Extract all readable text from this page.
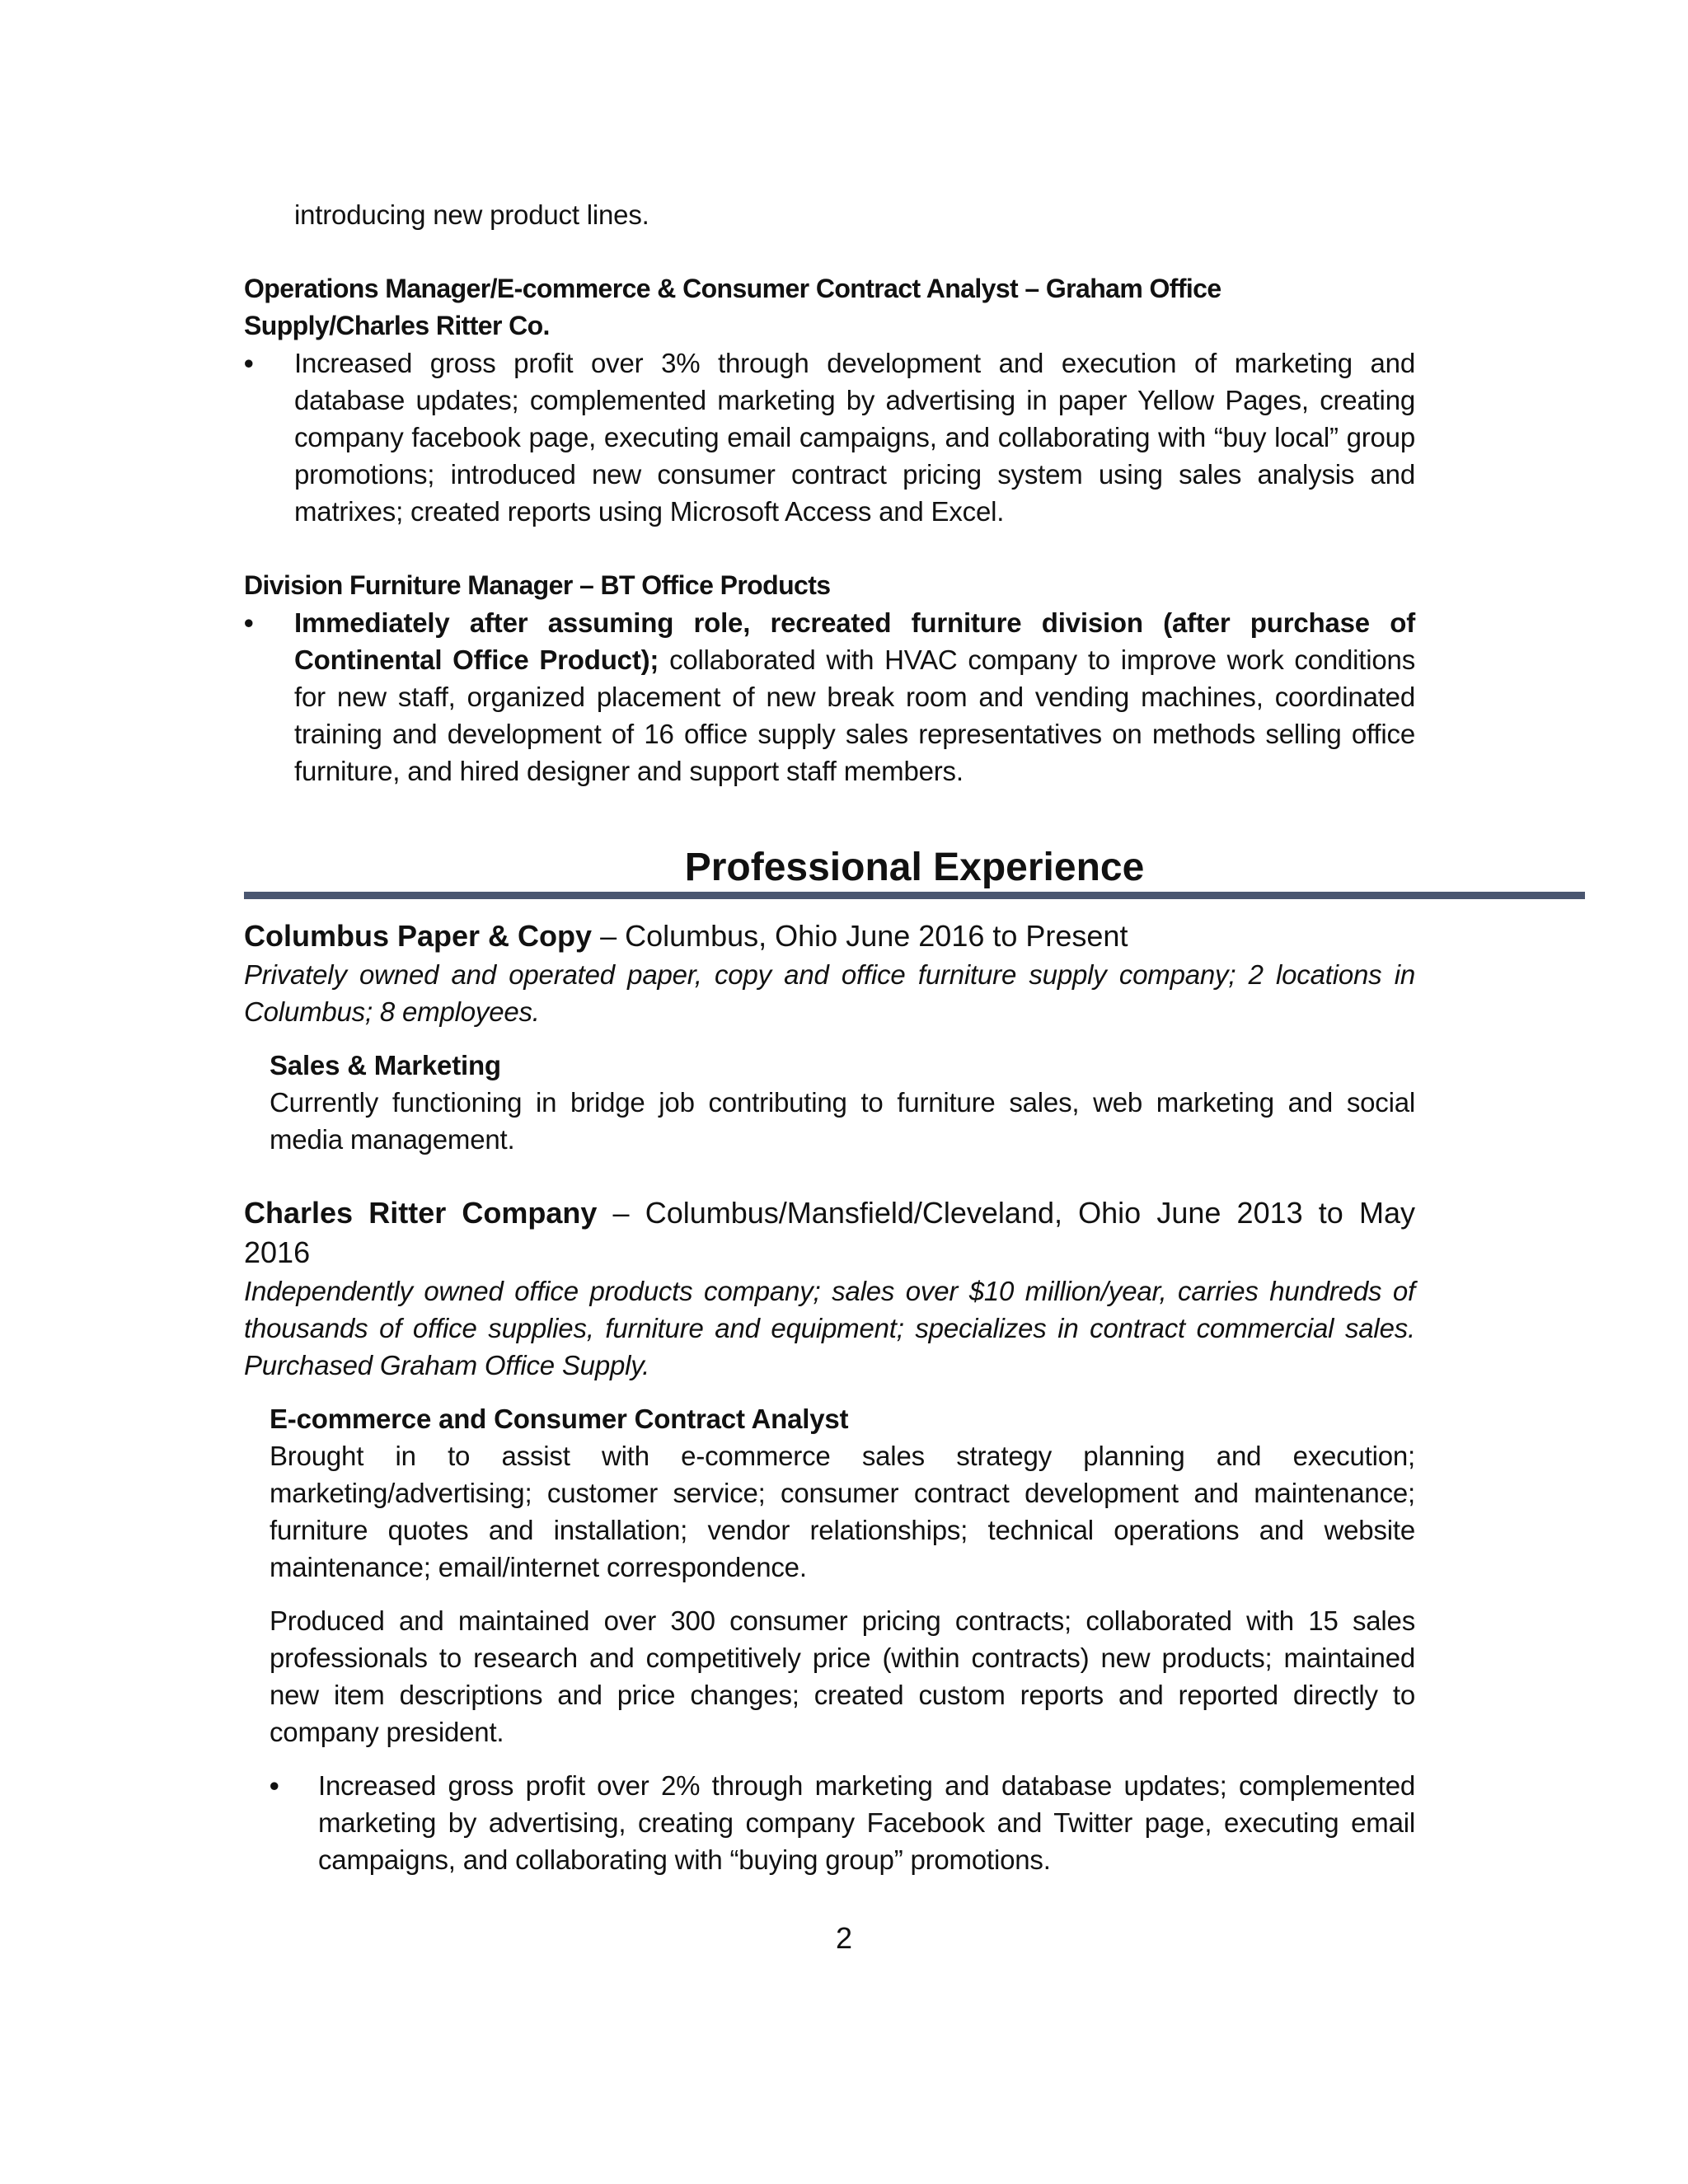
introducing new product lines.
Operations Manager/E-commerce & Consumer Contract Analyst – Graham Office Supply/Charles Ritter Co.
• Increased gross profit over 3% through development and execution of marketing and database updates; complemented marketing by advertising in paper Yellow Pages, creating company facebook page, executing email campaigns, and collaborating with “buy local” group promotions; introduced new consumer contract pricing system using sales analysis and matrixes; created reports using Microsoft Access and Excel.
Division Furniture Manager – BT Office Products
• Immediately after assuming role, recreated furniture division (after purchase of Continental Office Product); collaborated with HVAC company to improve work conditions for new staff, organized placement of new break room and vending machines, coordinated training and development of 16 office supply sales representatives on methods selling office furniture, and hired designer and support staff members.
Professional Experience
Columbus Paper & Copy – Columbus, Ohio June 2016 to Present
Privately owned and operated paper, copy and office furniture supply company; 2 locations in Columbus; 8 employees.
Sales & Marketing
Currently functioning in bridge job contributing to furniture sales, web marketing and social media management.
Charles Ritter Company – Columbus/Mansfield/Cleveland, Ohio June 2013 to May 2016
Independently owned office products company; sales over $10 million/year, carries hundreds of thousands of office supplies, furniture and equipment; specializes in contract commercial sales. Purchased Graham Office Supply.
E-commerce and Consumer Contract Analyst
Brought in to assist with e-commerce sales strategy planning and execution; marketing/advertising; customer service; consumer contract development and maintenance; furniture quotes and installation; vendor relationships; technical operations and website maintenance; email/internet correspondence.
Produced and maintained over 300 consumer pricing contracts; collaborated with 15 sales professionals to research and competitively price (within contracts) new products; maintained new item descriptions and price changes; created custom reports and reported directly to company president.
• Increased gross profit over 2% through marketing and database updates; complemented marketing by advertising, creating company Facebook and Twitter page, executing email campaigns, and collaborating with “buying group” promotions.
2
